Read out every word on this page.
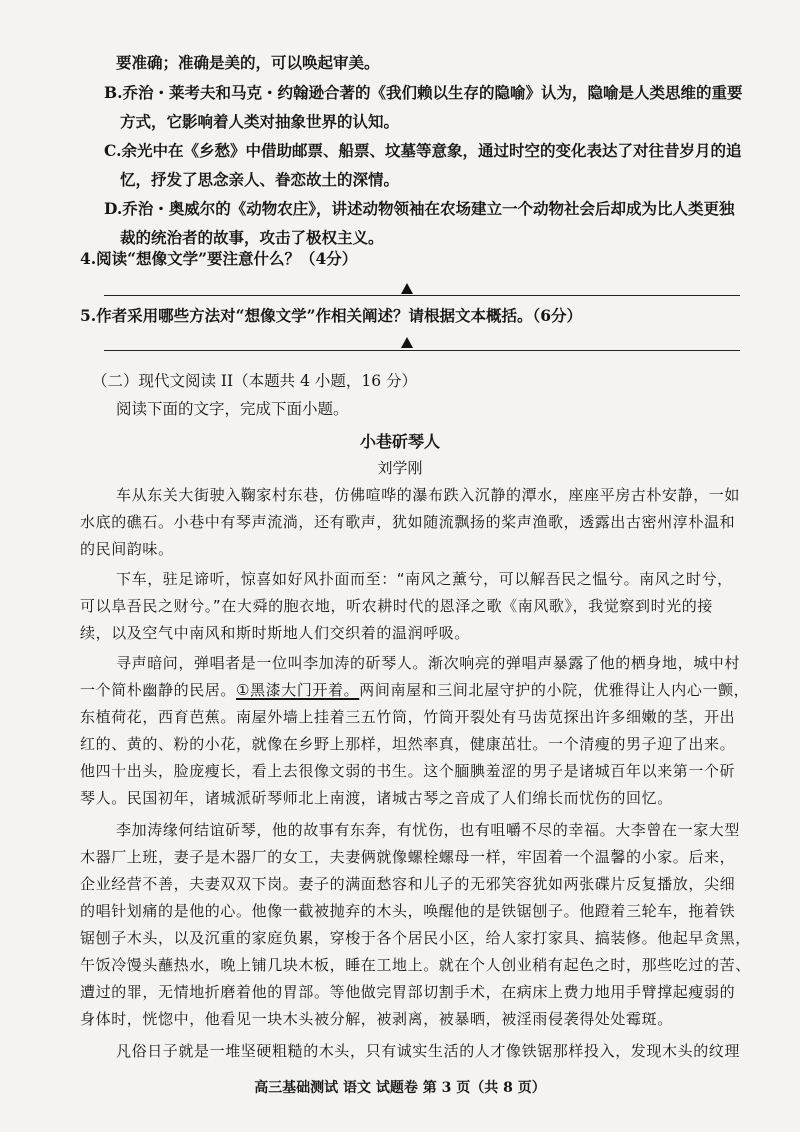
要准确；准确是美的，可以唤起审美。
B.乔治・莱考夫和马克・约翰逊合著的《我们赖以生存的隐喻》认为，隐喻是人类思维的重要
方式，它影响着人类对抽象世界的认知。
C.余光中在《乡愁》中借助邮票、船票、坟墓等意象，通过时空的变化表达了对往昔岁月的追
忆，抒发了思念亲人、眷恋故土的深情。
D.乔治・奥威尔的《动物农庄》，讲述动物领袖在农场建立一个动物社会后却成为比人类更独
裁的统治者的故事，攻击了极权主义。
4.阅读“想像文学”要注意什么？（4分）
5.作者采用哪些方法对“想像文学”作相关阐述？请根据文本概括。（6分）
（二）现代文阅读 II（本题共 4 小题，16 分）
阅读下面的文字，完成下面小题。
小巷斫琴人
刘学刚
车从东关大街驶入鞠家村东巷，仿佛喧哗的瀑布跌入沉静的潭水，座座平房古朴安静，一如
水底的礁石。小巷中有琴声流淌，还有歌声，犹如随流飘扬的桨声渔歌，透露出古密州淳朴温和
的民间韵味。
下车，驻足谛听，惊喜如好风扑面而至：“南风之薰兮，可以解吾民之愠兮。南风之时兮，
可以阜吾民之财兮。”在大舜的胞衣地，听农耕时代的恩泽之歌《南风歌》，我觉察到时光的接
续，以及空气中南风和斯时斯地人们交织着的温润呼吸。
寻声暗问，弹唱者是一位叫李加涛的斫琴人。渐次响亮的弹唱声暴露了他的栖身地，城中村
一个简朴幽静的民居。①黑漆大门开着。两间南屋和三间北屋守护的小院，优雅得让人内心一颤，
东植荷花，西育芭蕉。南屋外墙上挂着三五竹筒，竹筒开裂处有马齿苋探出许多细嫩的茎，开出
红的、黄的、粉的小花，就像在乡野上那样，坦然率真，健康茁壮。一个清瘦的男子迎了出来。
他四十出头，脸庞瘦长，看上去很像文弱的书生。这个腼腆羞涩的男子是诸城百年以来第一个斫
琴人。民国初年，诸城派斫琴师北上南渡，诸城古琴之音成了人们绵长而忧伤的回忆。
李加涛缘何结谊斫琴，他的故事有东奔，有忧伤，也有咀嚼不尽的幸福。大李曾在一家大型
木器厂上班，妻子是木器厂的女工，夫妻俩就像螺栓螺母一样，牢固着一个温馨的小家。后来，
企业经营不善，夫妻双双下岗。妻子的满面愁容和儿子的无邪笑容犹如两张碟片反复播放，尖细
的唱针划痛的是他的心。他像一截被抛弃的木头，唤醒他的是铁锯刨子。他蹬着三轮车，拖着铁
锯刨子木头，以及沉重的家庭负累，穿梭于各个居民小区，给人家打家具、搞装修。他起早贪黑，
午饭冷馒头蘸热水，晚上铺几块木板，睡在工地上。就在个人创业稍有起色之时，那些吃过的苦、
遭过的罪，无情地折磨着他的胃部。等他做完胃部切割手术，在病床上费力地用手臂撑起瘦弱的
身体时，恍惚中，他看见一块木头被分解，被剥离，被暴晒，被淫雨侵袭得处处霉斑。
凡俗日子就是一堆坚硬粗糙的木头，只有诚实生活的人才像铁锯那样投入，发现木头的纹理
高三基础测试 语文 试题卷 第 3 页（共 8 页）
